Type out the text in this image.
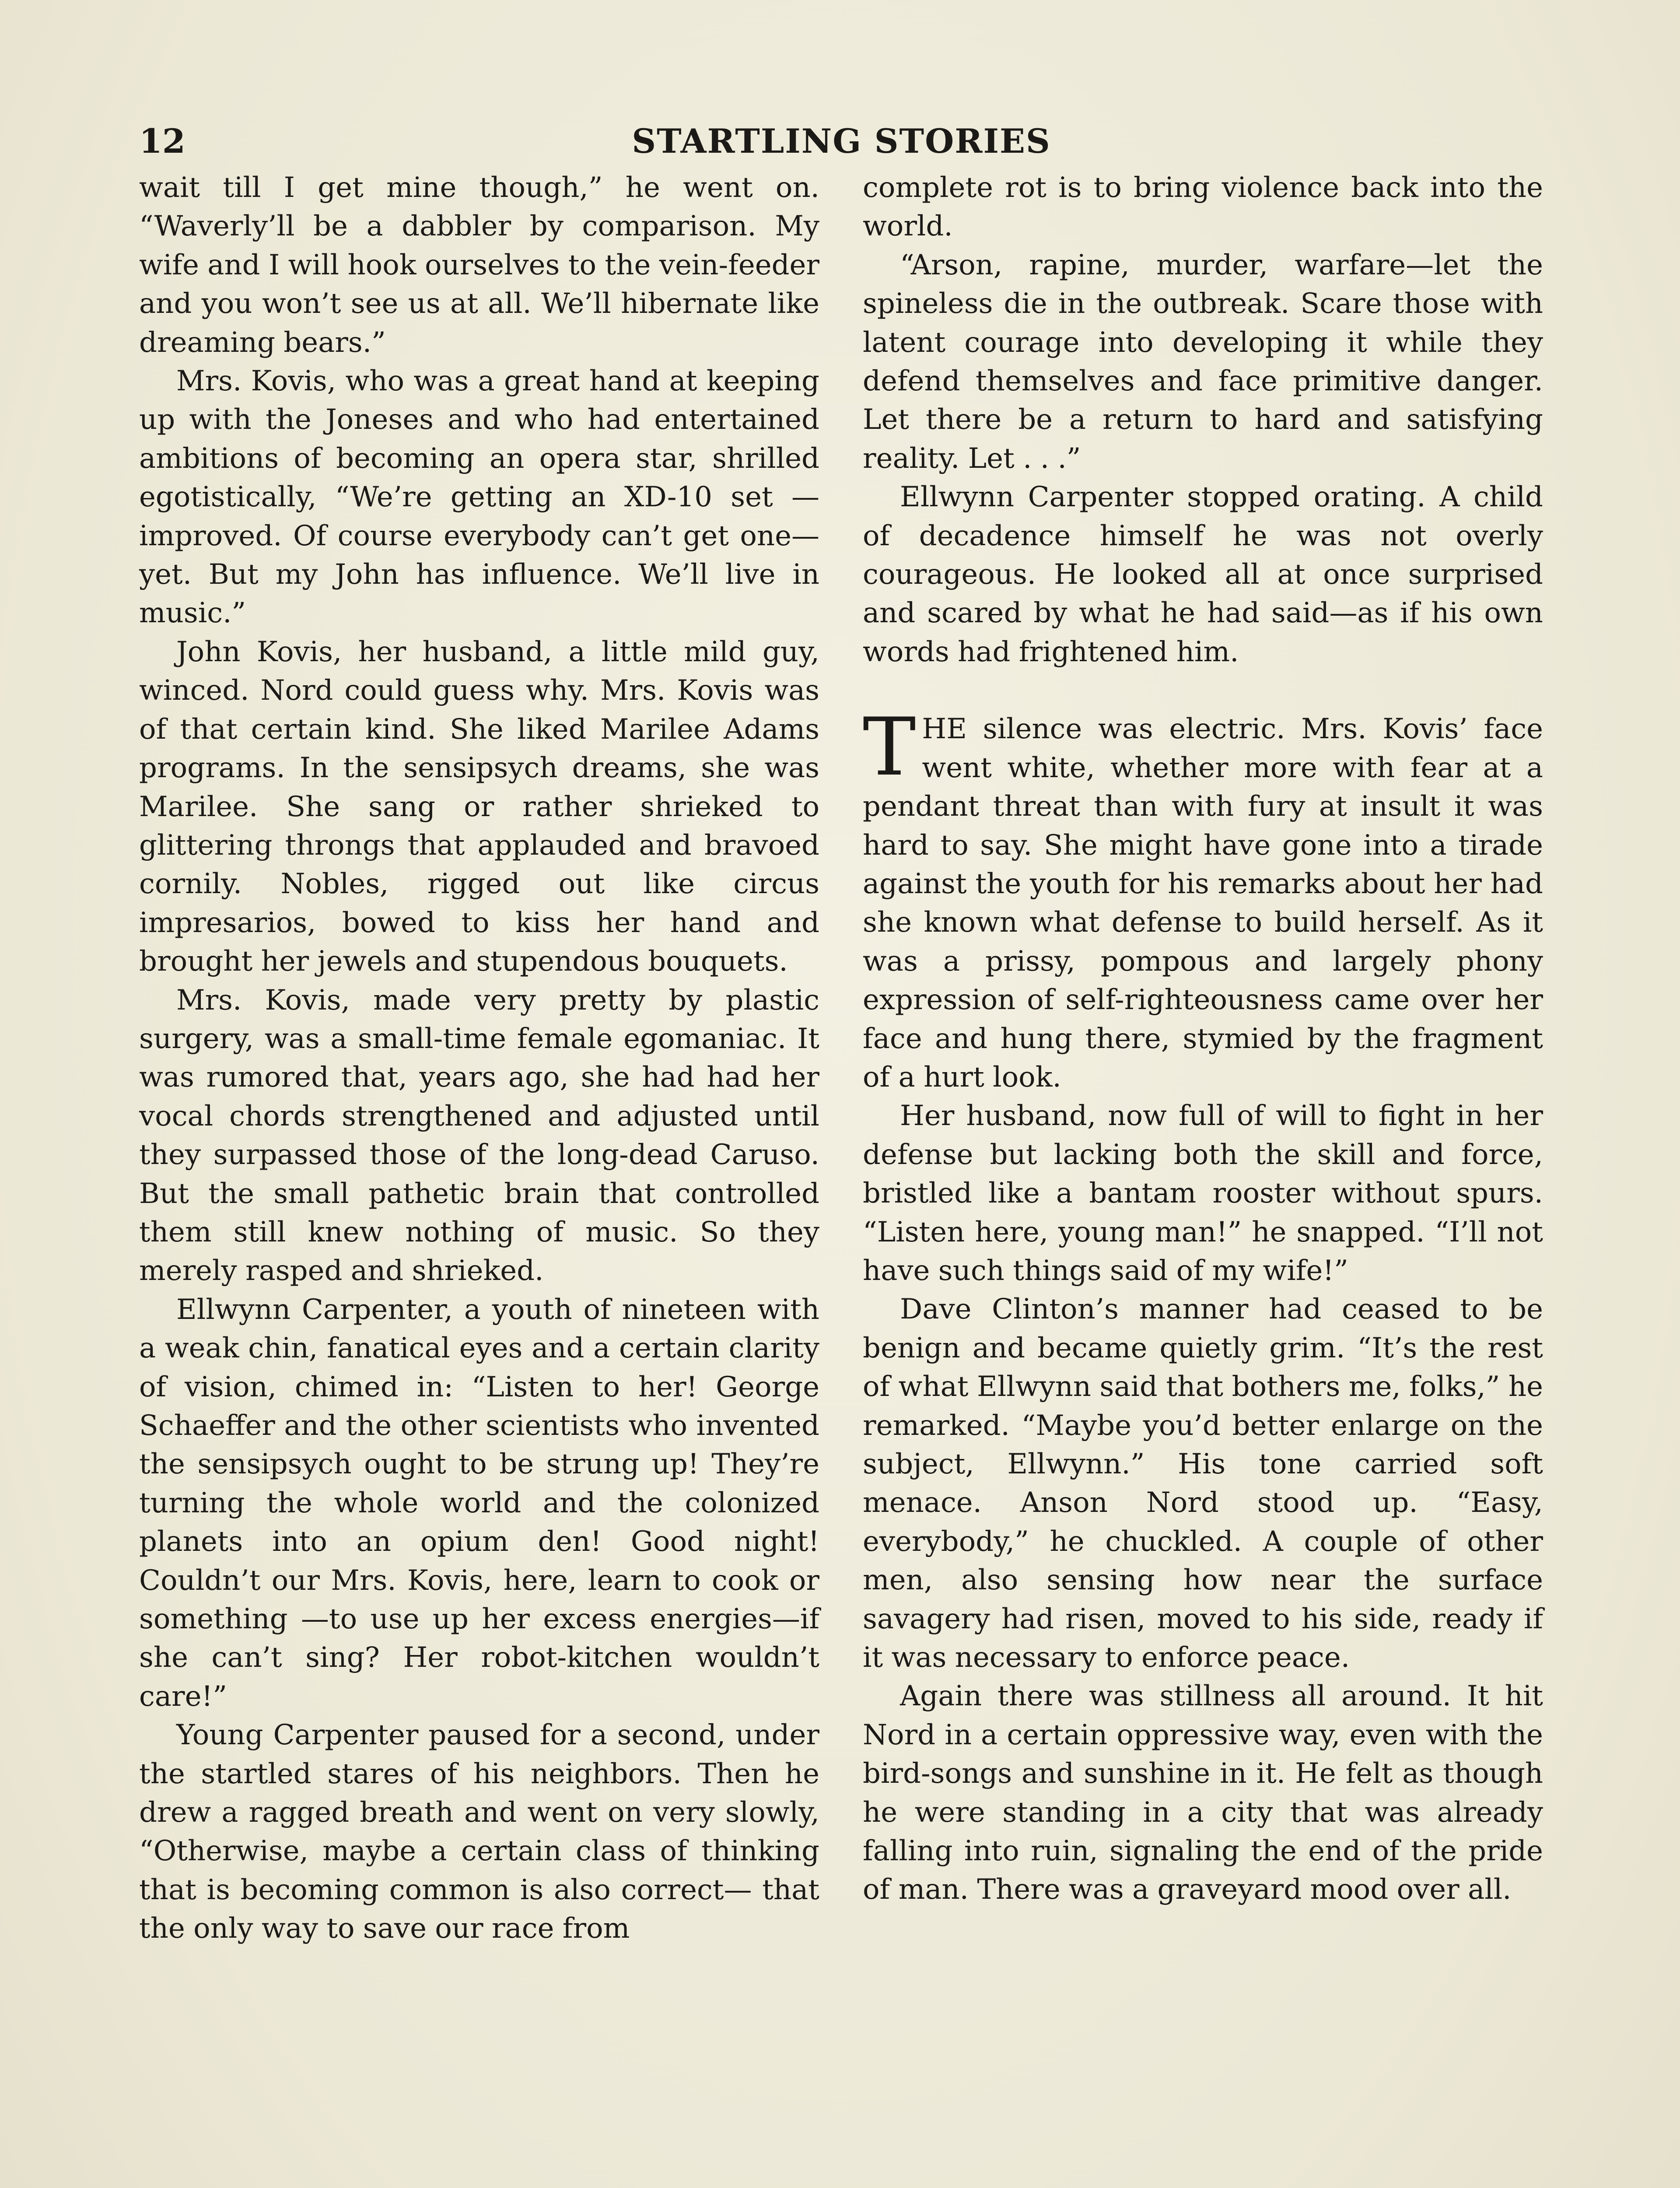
12	STARTLING STORIES

wait till I get mine though,” he went on. “Waverly’ll be a dabbler by comparison. My wife and I will hook ourselves to the vein-feeder and you won’t see us at all. We’ll hibernate like dreaming bears.”

Mrs. Kovis, who was a great hand at keeping up with the Joneses and who had entertained ambitions of becoming an opera star, shrilled egotistically, “We’re getting an XD-10 set —improved. Of course everybody can’t get one—yet. But my John has influence. We’ll live in music.”

John Kovis, her husband, a little mild guy, winced. Nord could guess why. Mrs. Kovis was of that certain kind. She liked Marilee Adams programs. In the sensipsych dreams, she was Marilee. She sang or rather shrieked to glittering throngs that applauded and bravoed cornily. Nobles, rigged out like circus impresarios, bowed to kiss her hand and brought her jewels and stupendous bouquets.

Mrs. Kovis, made very pretty by plastic surgery, was a small-time female egomaniac. It was rumored that, years ago, she had had her vocal chords strengthened and adjusted until they surpassed those of the long-dead Caruso. But the small pathetic brain that controlled them still knew nothing of music. So they merely rasped and shrieked.

Ellwynn Carpenter, a youth of nineteen with a weak chin, fanatical eyes and a certain clarity of vision, chimed in: “Listen to her! George Schaeffer and the other scientists who invented the sensipsych ought to be strung up! They’re turning the whole world and the colonized planets into an opium den! Good night! Couldn’t our Mrs. Kovis, here, learn to cook or something —to use up her excess energies—if she can’t sing? Her robot-kitchen wouldn’t care!”

Young Carpenter paused for a second, under the startled stares of his neighbors. Then he drew a ragged breath and went on very slowly, “Otherwise, maybe a certain class of thinking that is becoming common is also correct— that the only way to save our race from

complete rot is to bring violence back into the world.

“Arson, rapine, murder, warfare—let the spineless die in the outbreak. Scare those with latent courage into developing it while they defend themselves and face primitive danger. Let there be a return to hard and satisfying reality. Let . . .”

Ellwynn Carpenter stopped orating. A child of decadence himself he was not overly courageous. He looked all at once surprised and scared by what he had said—as if his own words had frightened him.

THE silence was electric. Mrs. Kovis’ face went white, whether more with fear at a pendant threat than with fury at insult it was hard to say. She might have gone into a tirade against the youth for his remarks about her had she known what defense to build herself. As it was a prissy, pompous and largely phony expression of self-righteousness came over her face and hung there, stymied by the fragment of a hurt look.

Her husband, now full of will to fight in her defense but lacking both the skill and force, bristled like a bantam rooster without spurs. “Listen here, young man!” he snapped. “I’ll not have such things said of my wife!”

Dave Clinton’s manner had ceased to be benign and became quietly grim. “It’s the rest of what Ellwynn said that bothers me, folks,” he remarked. “Maybe you’d better enlarge on the subject, Ellwynn.” His tone carried soft menace. Anson Nord stood up. “Easy, everybody,” he chuckled. A couple of other men, also sensing how near the surface savagery had risen, moved to his side, ready if it was necessary to enforce peace.

Again there was stillness all around. It hit Nord in a certain oppressive way, even with the bird-songs and sunshine in it. He felt as though he were standing in a city that was already falling into ruin, signaling the end of the pride of man. There was a graveyard mood over all.
